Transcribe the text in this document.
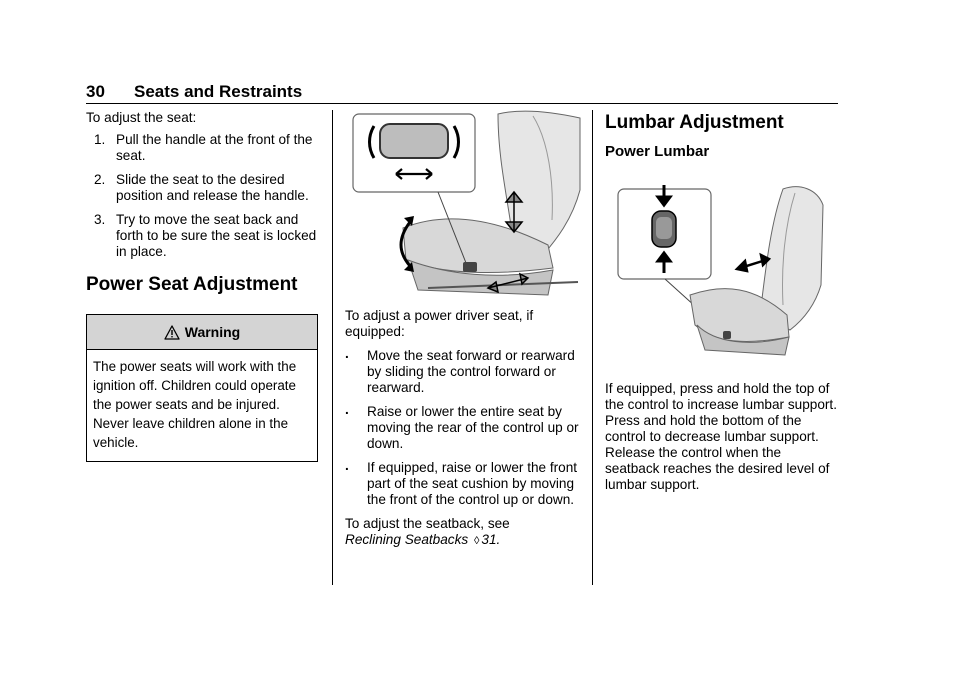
30 Seats and Restraints

To adjust the seat:

1. Pull the handle at the front of the seat.
2. Slide the seat to the desired position and release the handle.
3. Try to move the seat back and forth to be sure the seat is locked in place.
Power Seat Adjustment
Warning
The power seats will work with the ignition off. Children could operate the power seats and be injured. Never leave children alone in the vehicle.

To adjust a power driver seat, if equipped:

. Move the seat forward or rearward by sliding the control forward or rearward.
. Raise or lower the entire seat by moving the rear of the control up or down.
. If equipped, raise or lower the front part of the seat cushion by moving the front of the control up or down.

To adjust the seatback, see
Reclining Seatbacks ◊ 31.

Lumbar Adjustment
Power Lumbar

If equipped, press and hold the top of the control to increase lumbar support. Press and hold the bottom of the control to decrease lumbar support. Release the control when the seatback reaches the desired level of lumbar support.
